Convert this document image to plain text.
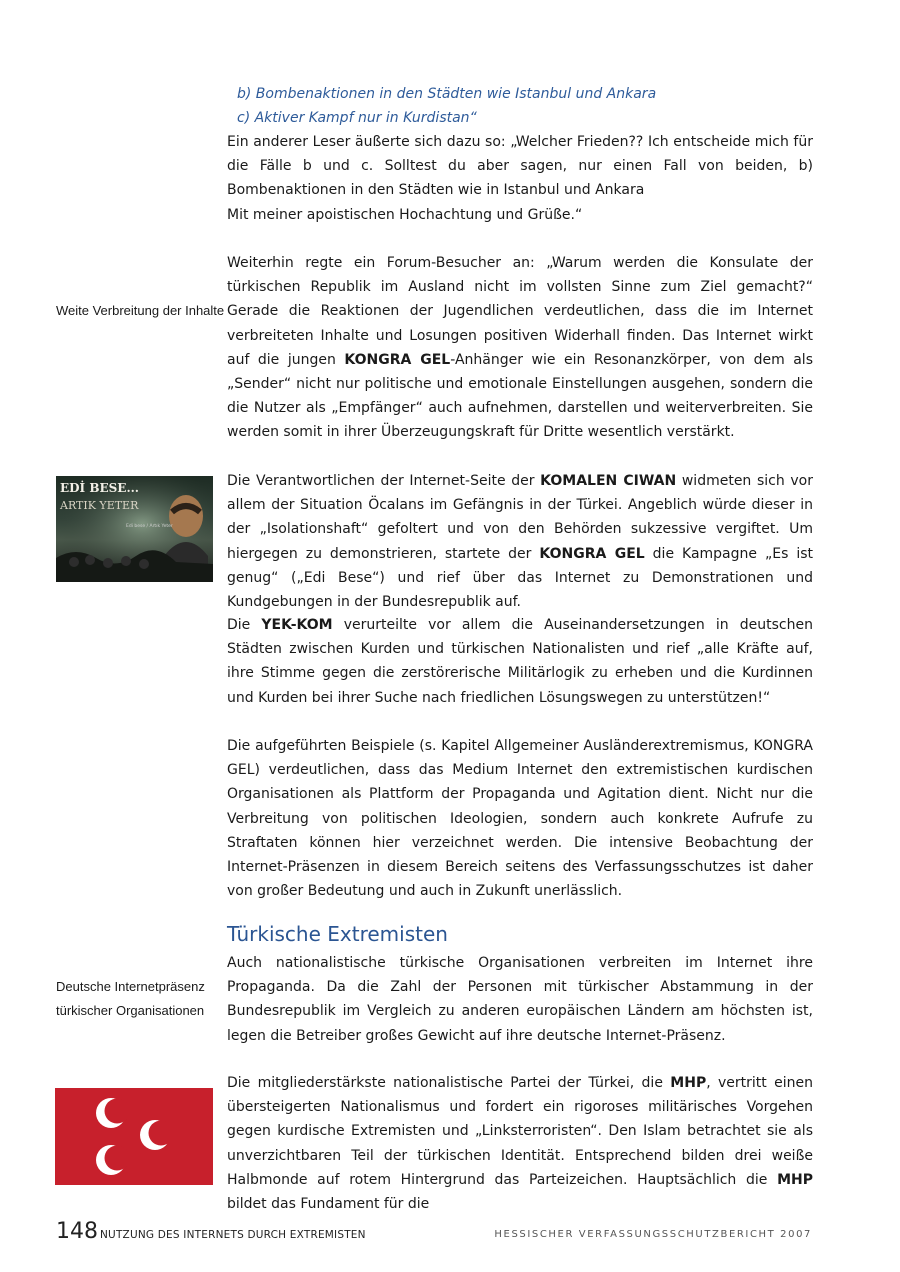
b) Bombenaktionen in den Städten wie Istanbul und Ankara
c) Aktiver Kampf nur in Kurdistan“

Ein anderer Leser äußerte sich dazu so: „Welcher Frieden?? Ich entscheide mich für die Fälle b und c. Solltest du aber sagen, nur einen Fall von beiden, b) Bombenaktionen in den Städten wie in Istanbul und Ankara

Mit meiner apoistischen Hochachtung und Grüße.“

Weiterhin regte ein Forum-Besucher an: „Warum werden die Konsulate der türkischen Republik im Ausland nicht im vollsten Sinne zum Ziel gemacht?“ Gerade die Reaktionen der Jugendlichen verdeutlichen, dass die im Internet verbreiteten Inhalte und Losungen positiven Widerhall finden. Das Internet wirkt auf die jungen KONGRA GEL-Anhänger wie ein Resonanzkörper, von dem als „Sender“ nicht nur politische und emotionale Einstellungen ausgehen, sondern die die Nutzer als „Empfänger“ auch aufnehmen, darstellen und weiterverbreiten. Sie werden somit in ihrer Überzeugungskraft für Dritte wesentlich verstärkt.

Die Verantwortlichen der Internet-Seite der KOMALEN CIWAN widmeten sich vor allem der Situation Öcalans im Gefängnis in der Türkei. Angeblich würde dieser in der „Isolationshaft“ gefoltert und von den Behörden sukzessive vergiftet. Um hiergegen zu demonstrieren, startete der KONGRA GEL die Kampagne „Es ist genug“ („Edi Bese“) und rief über das Internet zu Demonstrationen und Kundgebungen in der Bundesrepublik auf.

Die YEK-KOM verurteilte vor allem die Auseinandersetzungen in deutschen Städten zwischen Kurden und türkischen Nationalisten und rief „alle Kräfte auf, ihre Stimme gegen die zerstörerische Militärlogik zu erheben und die Kurdinnen und Kurden bei ihrer Suche nach friedlichen Lösungswegen zu unterstützen!“

Die aufgeführten Beispiele (s. Kapitel Allgemeiner Ausländerextremismus, KONGRA GEL) verdeutlichen, dass das Medium Internet den extremistischen kurdischen Organisationen als Plattform der Propaganda und Agitation dient. Nicht nur die Verbreitung von politischen Ideologien, sondern auch konkrete Aufrufe zu Straftaten können hier verzeichnet werden. Die intensive Beobachtung der Internet-Präsenzen in diesem Bereich seitens des Verfassungsschutzes ist daher von großer Bedeutung und auch in Zukunft unerlässlich.

Türkische Extremisten

Auch nationalistische türkische Organisationen verbreiten im Internet ihre Propaganda. Da die Zahl der Personen mit türkischer Abstammung in der Bundesrepublik im Vergleich zu anderen europäischen Ländern am höchsten ist, legen die Betreiber großes Gewicht auf ihre deutsche Internet-Präsenz.

Die mitgliederstärkste nationalistische Partei der Türkei, die MHP, vertritt einen übersteigerten Nationalismus und fordert ein rigoroses militärisches Vorgehen gegen kurdische Extremisten und „Linksterroristen“. Den Islam betrachtet sie als unverzichtbaren Teil der türkischen Identität. Entsprechend bilden drei weiße Halbmonde auf rotem Hintergrund das Parteizeichen. Hauptsächlich die MHP bildet das Fundament für die

Weite Verbreitung der Inhalte
Deutsche Internetpräsenz
türkischer Organisationen
EDİ BESE...
ARTIK YETER
Edi bese / Artık Yeter
148 NUTZUNG DES INTERNETS DURCH EXTREMISTEN	HESSISCHER VERFASSUNGSSCHUTZBERICHT 2007
